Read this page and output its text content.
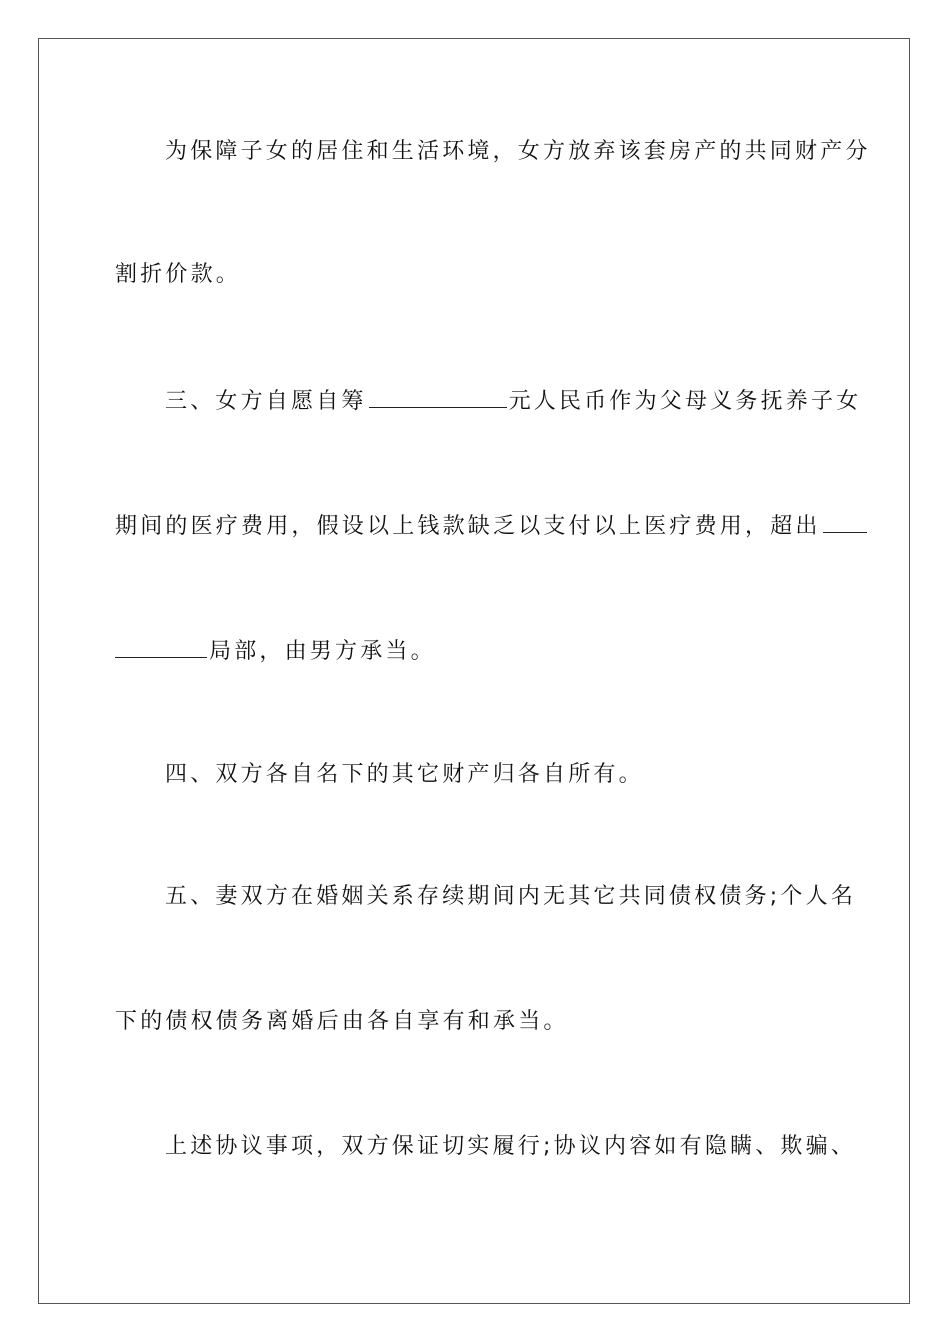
为保障子女的居住和生活环境，女方放弃该套房产的共同财产分
割折价款。
三、女方自愿自筹	元人民币作为父母义务抚养子女
期间的医疗费用，假设以上钱款缺乏以支付以上医疗费用，超出
局部，由男方承当。
四、双方各自名下的其它财产归各自所有。
五、妻双方在婚姻关系存续期间内无其它共同债权债务;个人名
下的债权债务离婚后由各自享有和承当。
上述协议事项，双方保证切实履行;协议内容如有隐瞒、欺骗、
